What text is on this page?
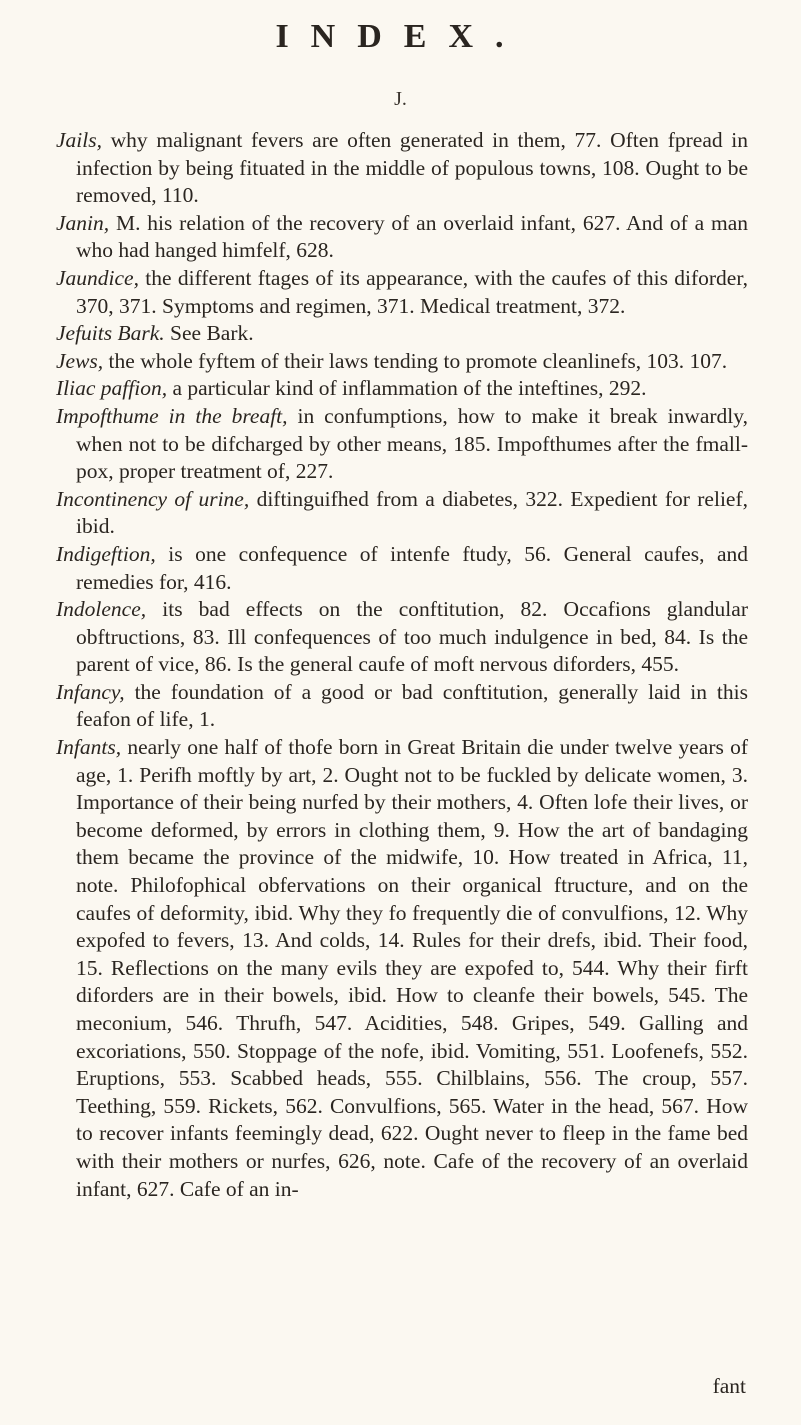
INDEX.
J.

Jails, why malignant fevers are often generated in them, 77. Often fpread in infection by being fituated in the middle of populous towns, 108. Ought to be removed, 110.

Janin, M. his relation of the recovery of an overlaid infant, 627. And of a man who had hanged himfelf, 628.

Jaundice, the different ftages of its appearance, with the caufes of this diforder, 370, 371. Symptoms and regimen, 371. Medical treatment, 372.

Jefuits Bark. See Bark.

Jews, the whole fyftem of their laws tending to promote cleanlinefs, 103. 107.

Iliac paffion, a particular kind of inflammation of the inteftines, 292.

Impofthume in the breaft, in confumptions, how to make it break inwardly, when not to be difcharged by other means, 185. Impofthumes after the fmall-pox, proper treatment of, 227.

Incontinency of urine, diftinguifhed from a diabetes, 322. Expedient for relief, ibid.

Indigeftion, is one confequence of intenfe ftudy, 56. General caufes, and remedies for, 416.

Indolence, its bad effects on the conftitution, 82. Occafions glandular obftructions, 83. Ill confequences of too much indulgence in bed, 84. Is the parent of vice, 86. Is the general caufe of moft nervous diforders, 455.

Infancy, the foundation of a good or bad conftitution, generally laid in this feafon of life, 1.

Infants, nearly one half of thofe born in Great Britain die under twelve years of age, 1. Perifh moftly by art, 2. Ought not to be fuckled by delicate women, 3. Importance of their being nurfed by their mothers, 4. Often lofe their lives, or become deformed, by errors in clothing them, 9. How the art of bandaging them became the province of the midwife, 10. How treated in Africa, 11, note. Philofophical obfervations on their organical ftructure, and on the caufes of deformity, ibid. Why they fo frequently die of convulfions, 12. Why expofed to fevers, 13. And colds, 14. Rules for their drefs, ibid. Their food, 15. Reflections on the many evils they are expofed to, 544. Why their firft diforders are in their bowels, ibid. How to cleanfe their bowels, 545. The meconium, 546. Thrufh, 547. Acidities, 548. Gripes, 549. Galling and excoriations, 550. Stoppage of the nofe, ibid. Vomiting, 551. Loofenefs, 552. Eruptions, 553. Scabbed heads, 555. Chilblains, 556. The croup, 557. Teething, 559. Rickets, 562. Convulfions, 565. Water in the head, 567. How to recover infants feemingly dead, 622. Ought never to fleep in the fame bed with their mothers or nurfes, 626, note. Cafe of the recovery of an overlaid infant, 627. Cafe of an in-

fant
